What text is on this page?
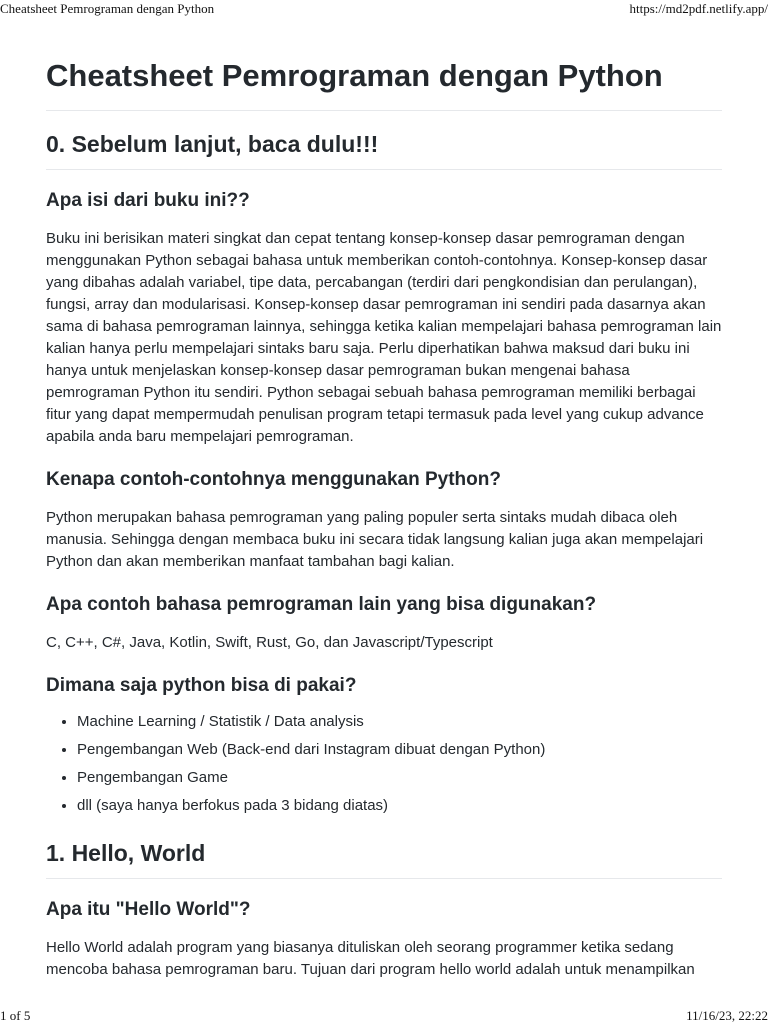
Cheatsheet Pemrograman dengan Python	https://md2pdf.netlify.app/
Cheatsheet Pemrograman dengan Python
0. Sebelum lanjut, baca dulu!!!
Apa isi dari buku ini??

Buku ini berisikan materi singkat dan cepat tentang konsep-konsep dasar pemrograman dengan menggunakan Python sebagai bahasa untuk memberikan contoh-contohnya. Konsep-konsep dasar yang dibahas adalah variabel, tipe data, percabangan (terdiri dari pengkondisian dan perulangan), fungsi, array dan modularisasi. Konsep-konsep dasar pemrograman ini sendiri pada dasarnya akan sama di bahasa pemrograman lainnya, sehingga ketika kalian mempelajari bahasa pemrograman lain kalian hanya perlu mempelajari sintaks baru saja. Perlu diperhatikan bahwa maksud dari buku ini hanya untuk menjelaskan konsep-konsep dasar pemrograman bukan mengenai bahasa pemrograman Python itu sendiri. Python sebagai sebuah bahasa pemrograman memiliki berbagai fitur yang dapat mempermudah penulisan program tetapi termasuk pada level yang cukup advance apabila anda baru mempelajari pemrograman.

Kenapa contoh-contohnya menggunakan Python?

Python merupakan bahasa pemrograman yang paling populer serta sintaks mudah dibaca oleh manusia. Sehingga dengan membaca buku ini secara tidak langsung kalian juga akan mempelajari Python dan akan memberikan manfaat tambahan bagi kalian.

Apa contoh bahasa pemrograman lain yang bisa digunakan?

C, C++, C#, Java, Kotlin, Swift, Rust, Go, dan Javascript/Typescript

Dimana saja python bisa di pakai?
• Machine Learning / Statistik / Data analysis
• Pengembangan Web (Back-end dari Instagram dibuat dengan Python)
• Pengembangan Game
• dll (saya hanya berfokus pada 3 bidang diatas)
1. Hello, World
Apa itu "Hello World"?

Hello World adalah program yang biasanya dituliskan oleh seorang programmer ketika sedang mencoba bahasa pemrograman baru. Tujuan dari program hello world adalah untuk menampilkan

1 of 5	11/16/23, 22:22
